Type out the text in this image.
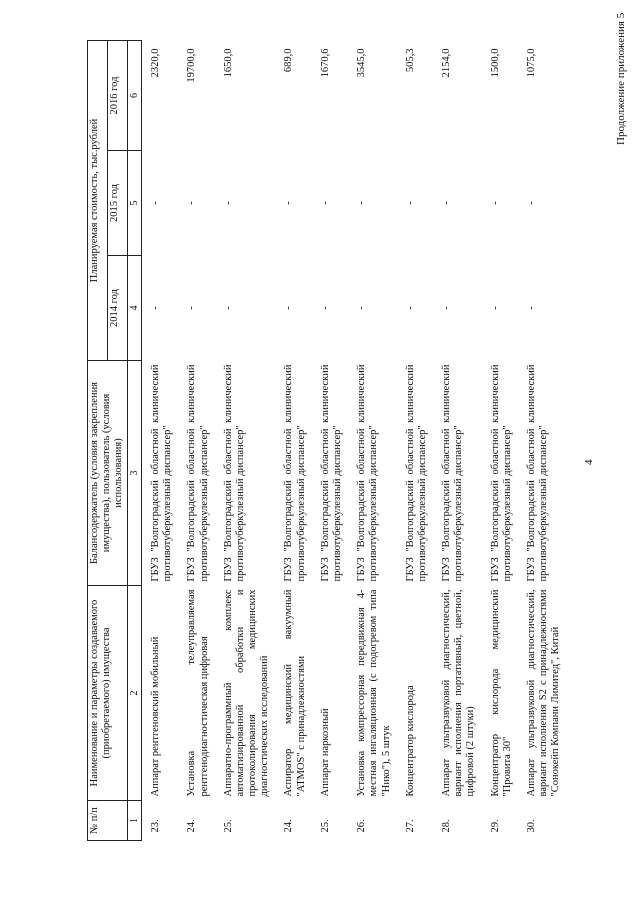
4
Продолжение приложения 5
№ п/п	Наименование и параметры создаваемого (приобретаемого) имущества	Балансодержатель (условия закрепления имущества), пользователь (условия использования)	Планируемая стоимость, тыс.рублей		
			2014 год	2015 год	2016 год
1	2	3	4	5	6
23.	Аппарат рентгеновский мобильный	ГБУЗ "Волгоградский областной клинический противотуберкулезный диспансер"	-	-	2320,0
24.	Установка телеуправляемая рентгенодиагностическая цифровая	ГБУЗ "Волгоградский областной клинический противотуберкулезный диспансер"	-	-	19700,0
25.	Аппаратно-программный комплекс автоматизированной обработки и протоколирования медицинских диагностических исследований	ГБУЗ "Волгоградский областной клинический противотуберкулезный диспансер"	-	-	1650,0
24.	Аспиратор медицинский вакуумный "ATMOS" с принадлежностями	ГБУЗ "Волгоградский областной клинический противотуберкулезный диспансер"	-	-	689,0
25.	Аппарат наркозный	ГБУЗ "Волгоградский областной клинический противотуберкулезный диспансер"	-	-	1670,6
26.	Установка компрессорная передвижная 4-местная ингаляционная (с подогревом типа "Нико"), 5 штук	ГБУЗ "Волгоградский областной клинический противотуберкулезный диспансер"	-	-	3545,0
27.	Концентратор кислорода	ГБУЗ "Волгоградский областной клинический противотуберкулезный диспансер"	-	-	505,3
28.	Аппарат ультразвуковой диагностический, вариант исполнения портативный, цветной, цифровой (2 штуки)	ГБУЗ "Волгоградский областной клинический противотуберкулезный диспансер"	-	-	2154,0
29.	Концентратор кислорода медицинский "Провита 30"	ГБУЗ "Волгоградский областной клинический противотуберкулезный диспансер"	-	-	1500,0
30.	Аппарат ультразвуковой диагностический, вариант исполнения S2 с принадлежностями "Сонокейп Компани Лимитед", Китай	ГБУЗ "Волгоградский областной клинический противотуберкулезный диспансер"	-	-	1075,0
